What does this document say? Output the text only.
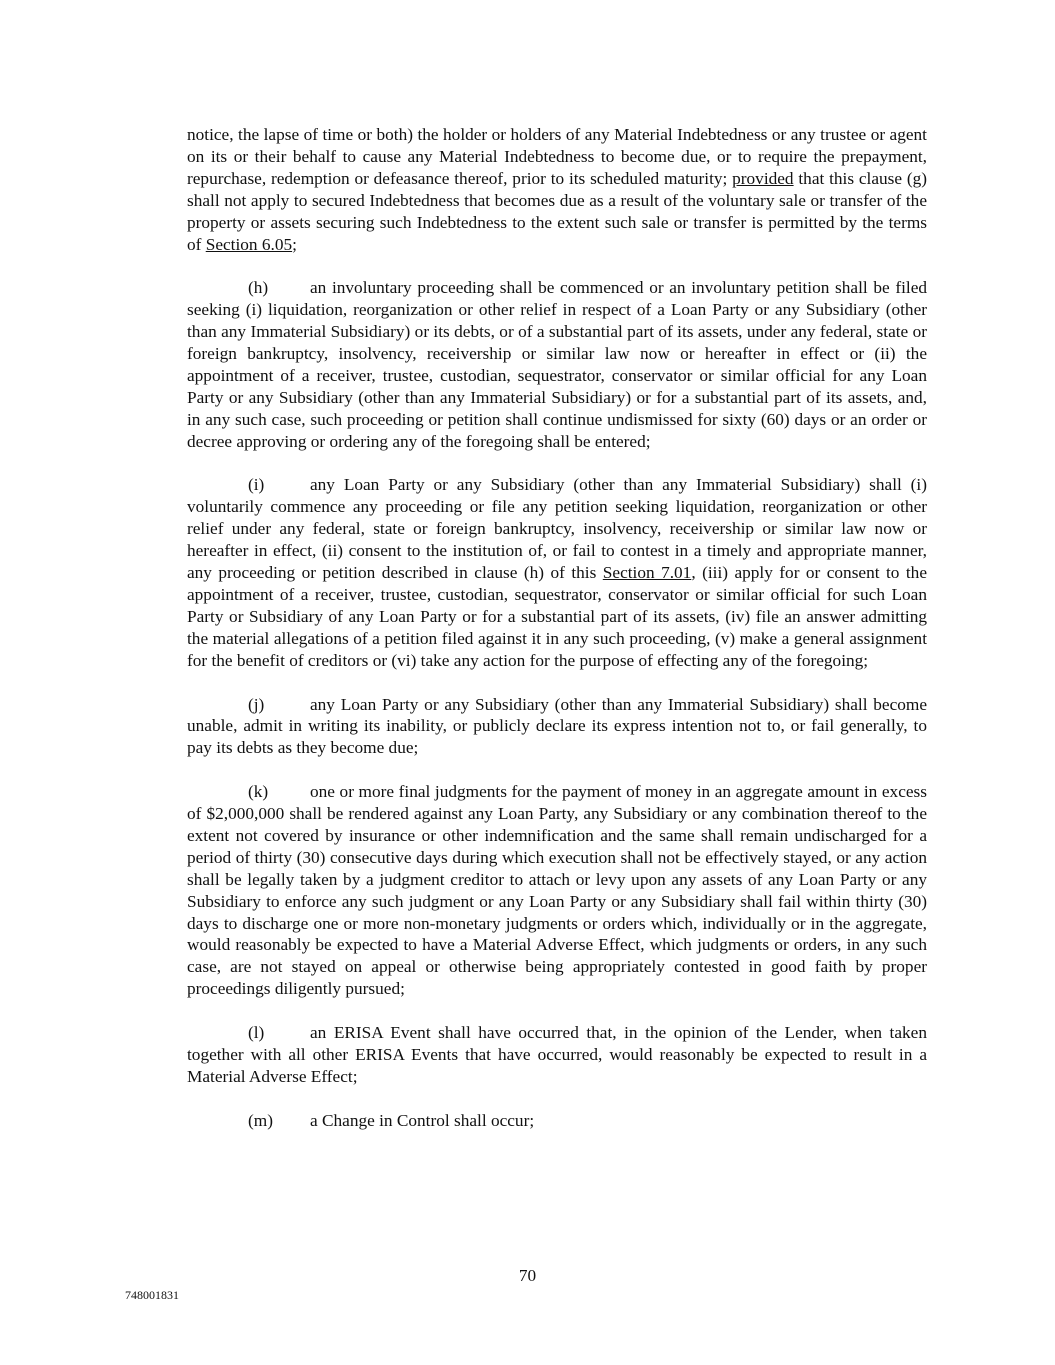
notice, the lapse of time or both) the holder or holders of any Material Indebtedness or any trustee or agent on its or their behalf to cause any Material Indebtedness to become due, or to require the prepayment, repurchase, redemption or defeasance thereof, prior to its scheduled maturity; provided that this clause (g) shall not apply to secured Indebtedness that becomes due as a result of the voluntary sale or transfer of the property or assets securing such Indebtedness to the extent such sale or transfer is permitted by the terms of Section 6.05;

(h) an involuntary proceeding shall be commenced or an involuntary petition shall be filed seeking (i) liquidation, reorganization or other relief in respect of a Loan Party or any Subsidiary (other than any Immaterial Subsidiary) or its debts, or of a substantial part of its assets, under any federal, state or foreign bankruptcy, insolvency, receivership or similar law now or hereafter in effect or (ii) the appointment of a receiver, trustee, custodian, sequestrator, conservator or similar official for any Loan Party or any Subsidiary (other than any Immaterial Subsidiary) or for a substantial part of its assets, and, in any such case, such proceeding or petition shall continue undismissed for sixty (60) days or an order or decree approving or ordering any of the foregoing shall be entered;

(i)	any Loan Party or any Subsidiary (other than any Immaterial Subsidiary) shall (i) voluntarily commence any proceeding or file any petition seeking liquidation, reorganization or other relief under any federal, state or foreign bankruptcy, insolvency, receivership or similar law now or hereafter in effect, (ii) consent to the institution of, or fail to contest in a timely and appropriate manner, any proceeding or petition described in clause (h) of this Section 7.01, (iii) apply for or consent to the appointment of a receiver, trustee, custodian, sequestrator, conservator or similar official for such Loan Party or Subsidiary of any Loan Party or for a substantial part of its assets, (iv) file an answer admitting the material allegations of a petition filed against it in any such proceeding, (v) make a general assignment for the benefit of creditors or (vi) take any action for the purpose of effecting any of the foregoing;

(j)	any Loan Party or any Subsidiary (other than any Immaterial Subsidiary) shall become unable, admit in writing its inability, or publicly declare its express intention not to, or fail generally, to pay its debts as they become due;

(k) one or more final judgments for the payment of money in an aggregate amount in excess of $2,000,000 shall be rendered against any Loan Party, any Subsidiary or any combination thereof to the extent not covered by insurance or other indemnification and the same shall remain undischarged for a period of thirty (30) consecutive days during which execution shall not be effectively stayed, or any action shall be legally taken by a judgment creditor to attach or levy upon any assets of any Loan Party or any Subsidiary to enforce any such judgment or any Loan Party or any Subsidiary shall fail within thirty (30) days to discharge one or more non-monetary judgments or orders which, individually or in the aggregate, would reasonably be expected to have a Material Adverse Effect, which judgments or orders, in any such case, are not stayed on appeal or otherwise being appropriately contested in good faith by proper proceedings diligently pursued;

(l)	an ERISA Event shall have occurred that, in the opinion of the Lender, when taken together with all other ERISA Events that have occurred, would reasonably be expected to result in a Material Adverse Effect;

(m) a Change in Control shall occur;

70
748001831
